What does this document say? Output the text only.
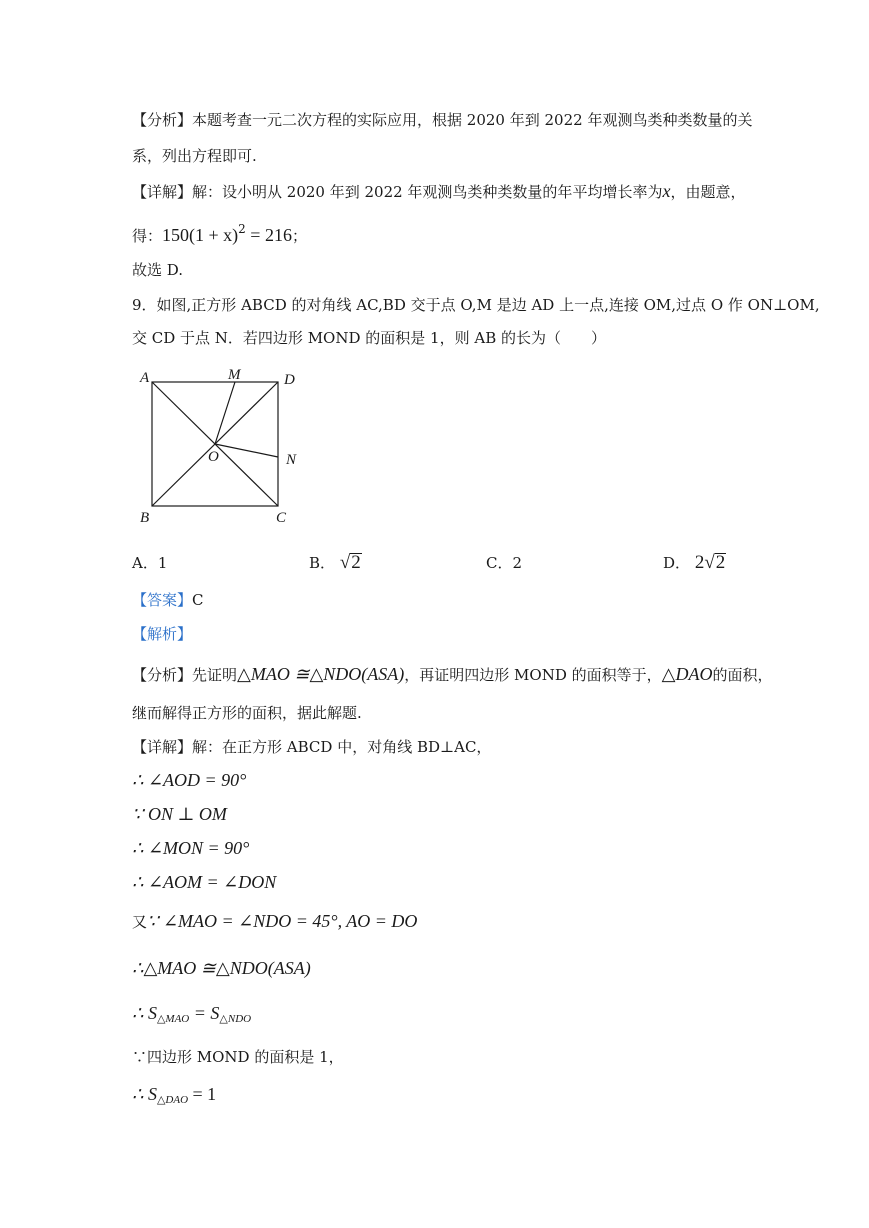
【分析】本题考查一元二次方程的实际应用，根据 2020 年到 2022 年观测鸟类种类数量的关
系，列出方程即可.
【详解】解：设小明从 2020 年到 2022 年观测鸟类种类数量的年平均增长率为x，由题意，
得：$150(1 + x)^2 = 216$；
故选 D.
9．如图,正方形 ABCD 的对角线 AC,BD 交于点 O,M 是边 AD 上一点,连接 OM,过点 O 作 ON⊥OM,
交 CD 于点 N．若四边形 MOND 的面积是 1，则 AB 的长为（　　）
A	M	D
O	N
B	C
A．1	B． √2	C．2	D． 2√2
【答案】C
【解析】
【分析】先证明△MAO ≅△NDO(ASA)，再证明四边形 MOND 的面积等于，△DAO的面积，
继而解得正方形的面积，据此解题.
【详解】解：在正方形 ABCD 中，对角线 BD⊥AC，
∴ ∠AOD = 90°
∵ ON ⊥ OM
∴ ∠MON = 90°
∴ ∠AOM = ∠DON
又∵ ∠MAO = ∠NDO = 45°, AO = DO
∴△MAO ≅△NDO(ASA)
∴ S△MAO = S△NDO
∵四边形 MOND 的面积是 1，
∴ S△DAO = 1
